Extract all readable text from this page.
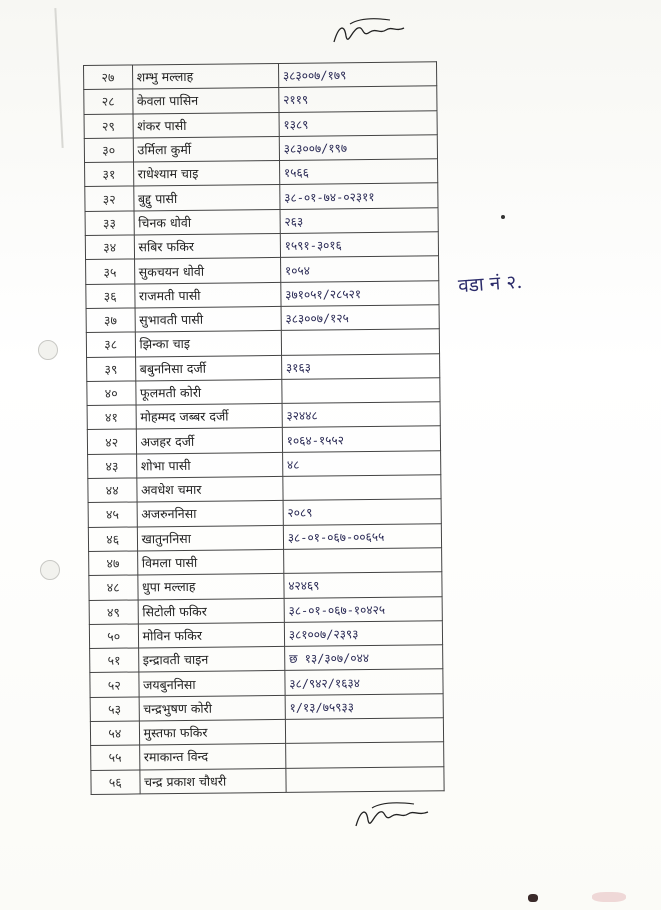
वडा नं २.
२७	शम्भु मल्लाह	३८३००७/१७९
२८	केवला पासिन	२११९
२९	शंकर पासी	१३८९
३०	उर्मिला कुर्मी	३८३००७/१९७
३१	राधेश्याम चाइ	१५६६
३२	बुद्दु पासी	३८-०१-७४-०२३११
३३	चिनक धोवी	२६३
३४	सबिर फकिर	१५९१-३०१६
३५	सुकचयन धोवी	१०५४
३६	राजमती पासी	३७१०५१/२८५२१
३७	सुभावती पासी	३८३००७/१२५
३८	झिन्का चाइ	
३९	बबुननिसा दर्जी	३१६३
४०	फूलमती कोरी	
४१	मोहम्मद जब्बर दर्जी	३२४४८
४२	अजहर दर्जी	१०६४-१५५२
४३	शोभा पासी	४८
४४	अवधेश चमार	
४५	अजरुननिसा	२०८९
४६	खातुननिसा	३८-०१-०६७-००६५५
४७	विमला पासी	
४८	धुपा मल्लाह	४२४६९
४९	सिटोली फकिर	३८-०१-०६७-१०४२५
५०	मोविन फकिर	३८१००७/२३९३
५१	इन्द्रावती चाइन	छ १३/३०७/०४४
५२	जयबुननिसा	३८/९४२/१६३४
५३	चन्द्रभुषण कोरी	१/१३/७५९३३
५४	मुस्तफा फकिर	
५५	रमाकान्त विन्द	
५६	चन्द्र प्रकाश चौधरी	
